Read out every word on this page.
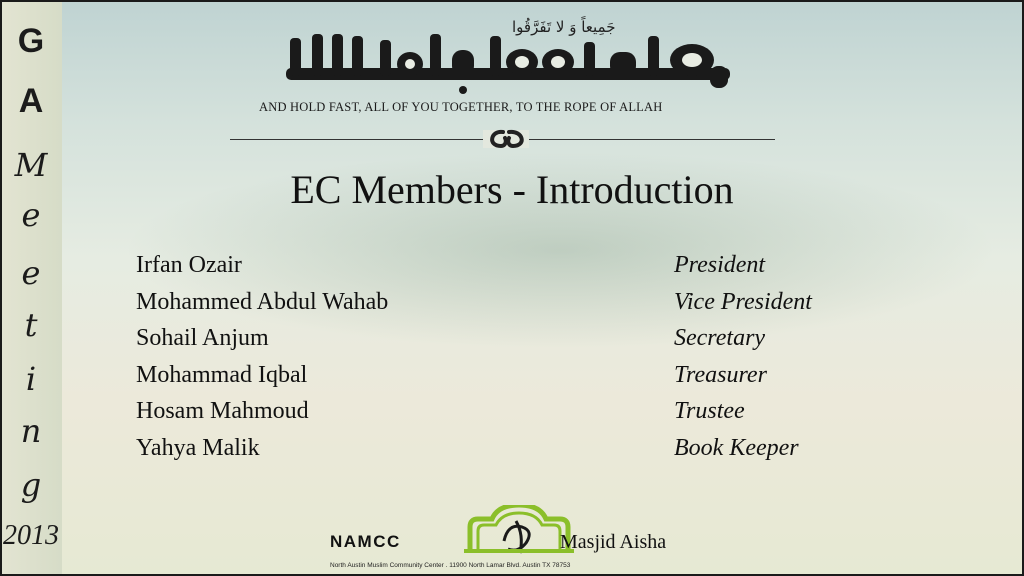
G
A
M
e
e
t
i
n
g
2013
جَمِيعاً وَ لا تَفَرَّقُوا
AND HOLD FAST, ALL OF YOU TOGETHER, TO THE ROPE OF ALLAH
EC Members - Introduction
Irfan Ozair
Mohammed Abdul Wahab
Sohail Anjum
Mohammad Iqbal
Hosam Mahmoud
Yahya Malik
President
Vice President
Secretary
Treasurer
Trustee
Book Keeper
NAMCC	Masjid Aisha
North Austin Muslim Community Center . 11900 North Lamar Blvd. Austin TX 78753
